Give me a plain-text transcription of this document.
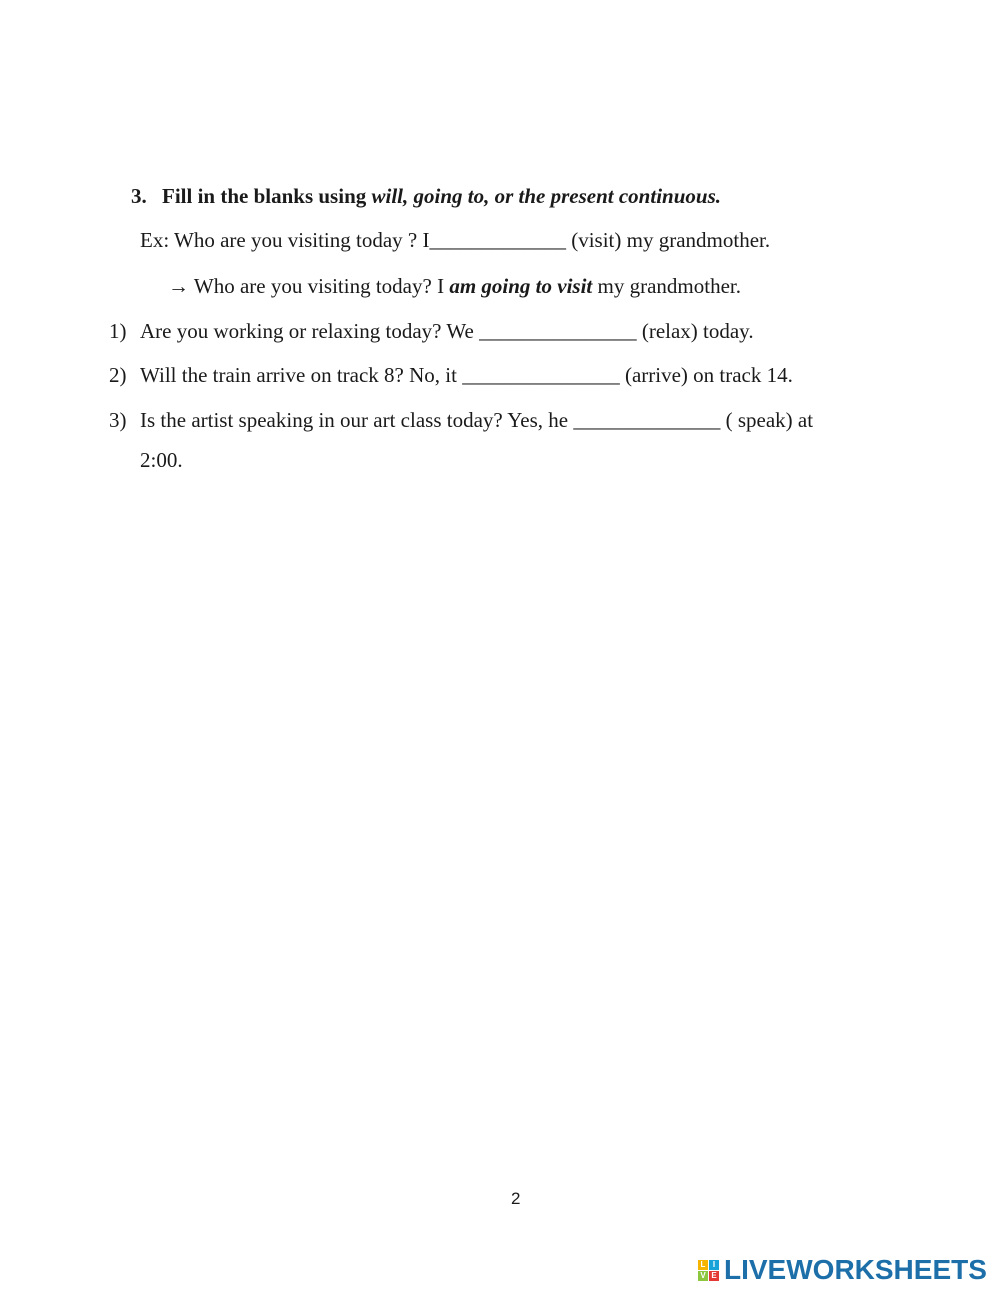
3. Fill in the blanks using will, going to, or the present continuous.
Ex: Who are you visiting today ? I_____________ (visit) my grandmother.
→ Who are you visiting today? I am going to visit my grandmother.
1) Are you working or relaxing today? We _______________ (relax) today.
2) Will the train arrive on track 8? No, it _______________ (arrive) on track 14.
3) Is the artist speaking in our art class today? Yes, he ______________ ( speak) at
2:00.
2
L I
V E LIVEWORKSHEETS
